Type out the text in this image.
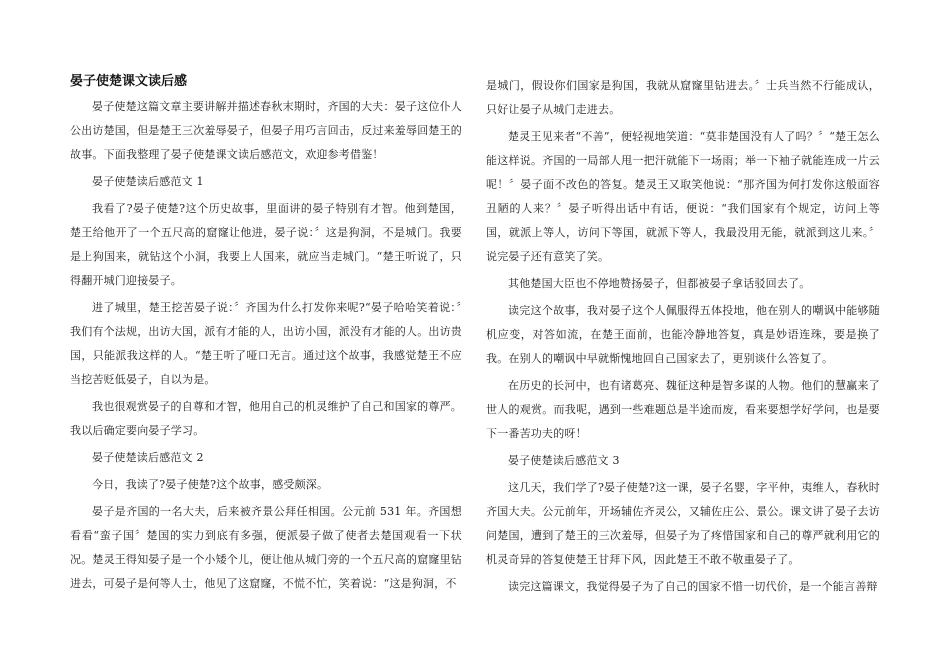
晏子使楚课文读后感

晏子使楚这篇文章主要讲解并描述春秋末期时，齐国的大夫：晏子这位仆人公出访楚国，但是楚王三次羞辱晏子，但晏子用巧言回击，反过来羞辱回楚王的故事。下面我整理了晏子使楚课文读后感范文，欢迎参考借鉴！

晏子使楚读后感范文 1

我看了?晏子使楚?这个历史故事，里面讲的晏子特别有才智。他到楚国，楚王给他开了一个五尺高的窟窿让他进，晏子说：〞这是狗洞，不是城门。我要是上狗国来，就钻这个小洞，我要上人国来，就应当走城门。“楚王听说了，只得翻开城门迎接晏子。

进了城里，楚王挖苦晏子说：〞齐国为什么打发你来呢?“晏子哈哈笑着说：〞我们有个法规，出访大国，派有才能的人，出访小国，派没有才能的人。出访贵国，只能派我这样的人。“楚王听了哑口无言。通过这个故事，我感觉楚王不应当挖苦贬低晏子，自以为是。

我也很观赏晏子的自尊和才智，他用自己的机灵维护了自己和国家的尊严。我以后确定要向晏子学习。

晏子使楚读后感范文 2

今日，我读了?晏子使楚?这个故事，感受颇深。

晏子是齐国的一名大夫，后来被齐景公拜任相国。公元前 531 年。齐国想看看“蛮子国〞楚国的实力到底有多强，便派晏子做了使者去楚国观看一下状况。楚灵王得知晏子是一个小矮个儿，便让他从城门旁的一个五尺高的窟窿里钻进去，可晏子是何等人士，他见了这窟窿，不慌不忙，笑着说：“这是狗洞，不

是城门，假设你们国家是狗国，我就从窟窿里钻进去。〞士兵当然不行能成认，只好让晏子从城门走进去。

楚灵王见来者“不善”，便轻视地笑道：“莫非楚国没有人了吗？〞“楚王怎么能这样说。齐国的一局部人甩一把汗就能下一场雨；举一下袖子就能连成一片云呢！〞晏子面不改色的答复。楚灵王又取笑他说：“那齐国为何打发你这般面容丑陋的人来？〞晏子听得出话中有话，便说：“我们国家有个规定，访问上等国，就派上等人，访问下等国，就派下等人，我最没用无能，就派到这儿来。〞说完晏子还有意笑了笑。

其他楚国大臣也不停地赞扬晏子，但都被晏子拿话驳回去了。

读完这个故事，我对晏子这个人佩服得五体投地，他在别人的嘲讽中能够随机应变，对答如流，在楚王面前，也能冷静地答复，真是妙语连珠，要是换了我。在别人的嘲讽中早就惭愧地回自己国家去了，更别谈什么答复了。

在历史的长河中，也有诸葛亮、魏征这种是智多谋的人物。他们的慧赢来了世人的观赏。而我呢，遇到一些难题总是半途而废，看来要想学好学问，也是要下一番苦功夫的呀！

晏子使楚读后感范文 3

这几天，我们学了?晏子使楚?这一课，晏子名婴，字平仲，夷维人，春秋时齐国大夫。公元前年，开场辅佐齐灵公，又辅佐庄公、景公。课文讲了晏子去访问楚国，遭到了楚王的三次羞辱，但晏子为了疼惜国家和自己的尊严就利用它的机灵奇异的答复使楚王甘拜下风，因此楚王不敢不敬重晏子了。

读完这篇课文，我觉得晏子为了自己的国家不惜一切代价，是一个能言善辩
